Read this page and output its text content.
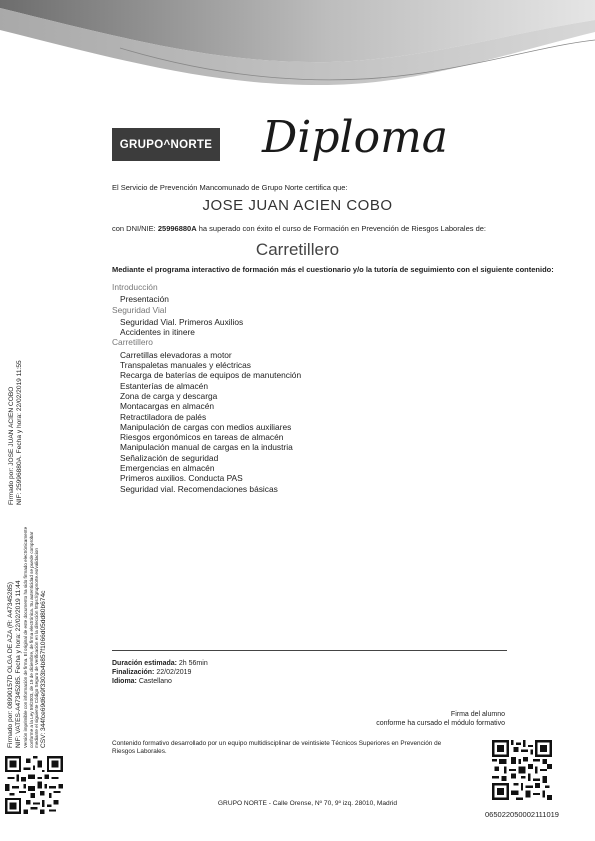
GRUPO^NORTE Diploma
El Servicio de Prevención Mancomunado de Grupo Norte certifica que:
JOSE JUAN ACIEN COBO
con DNI/NIE: 25996880A ha superado con éxito el curso de Formación en Prevención de Riesgos Laborales de:
Carretillero
Mediante el programa interactivo de formación más el cuestionario y/o la tutoría de seguimiento con el siguiente contenido:
Introducción
Presentación
Seguridad Vial
Seguridad Vial. Primeros Auxilios
Accidentes in itinere
Carretillero
Carretillas elevadoras a motor
Transpaletas manuales y eléctricas
Recarga de baterías de equipos de manutención
Estanterías de almacén
Zona de carga y descarga
Montacargas en almacén
Retractiladora de palés
Manipulación de cargas con medios auxiliares
Riesgos ergonómicos en tareas de almacén
Manipulación manual de cargas en la industria
Señalización de seguridad
Emergencias en almacén
Primeros auxilios. Conducta PAS
Seguridad vial. Recomendaciones básicas
Duración estimada: 2h 56min
Finalización: 22/02/2019
Idioma: Castellano
Firma del alumno
conforme ha cursado el módulo formativo
Contenido formativo desarrollado por un equipo multidisciplinar de veintisiete Técnicos Superiores en Prevención de Riesgos Laborales.
065022050002111019
GRUPO NORTE - Calle Orense, Nº 70, 9º izq. 28010, Madrid
Firmado por: JOSE JUAN ACIEN COBO NIF: 25996880A. Fecha y hora: 22/02/2019 11:55
Firmado por: 08990157D OLGA DE AZA (R: A47345285) NIF: VATES-A47345285. Fecha y hora: 22/02/2019 11:44 Versión imprimible con información de firma. El original de este documento ha sido firmado electrónicamente conforme a la Ley 59/2003, de 19 de diciembre, de firma electrónica. Su autenticidad se puede comprobar mediante el siguiente Código Seguro de Verificación en la dirección https://grupnorte.es/validacion CSV: 344fce69d6e9f3303b4b857f1066d05dd80b674c
